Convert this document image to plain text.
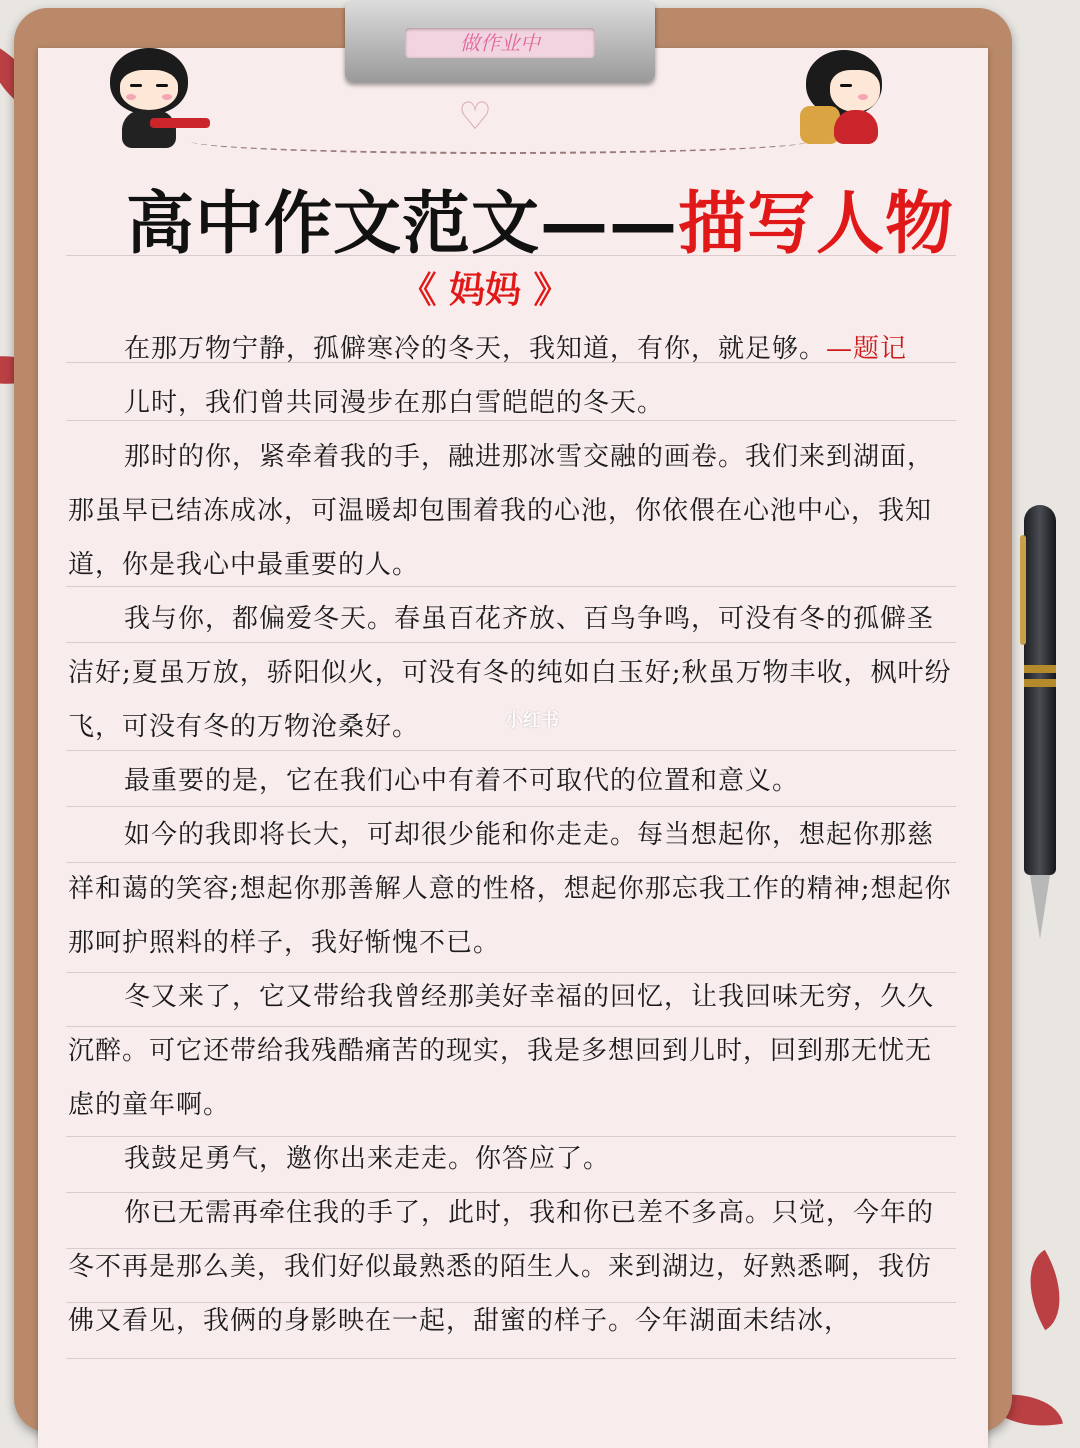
做作业中
♡
高中作文范文——描写人物
《 妈妈 》

在那万物宁静，孤僻寒冷的冬天，我知道，有你，就足够。—题记

儿时，我们曾共同漫步在那白雪皑皑的冬天。

那时的你，紧牵着我的手，融进那冰雪交融的画卷。我们来到湖面，那虽早已结冻成冰，可温暖却包围着我的心池，你依偎在心池中心，我知道，你是我心中最重要的人。

我与你，都偏爱冬天。春虽百花齐放、百鸟争鸣，可没有冬的孤僻圣洁好;夏虽万放，骄阳似火，可没有冬的纯如白玉好;秋虽万物丰收，枫叶纷飞，可没有冬的万物沧桑好。

最重要的是，它在我们心中有着不可取代的位置和意义。

如今的我即将长大，可却很少能和你走走。每当想起你，想起你那慈祥和蔼的笑容;想起你那善解人意的性格，想起你那忘我工作的精神;想起你那呵护照料的样子，我好惭愧不已。

冬又来了，它又带给我曾经那美好幸福的回忆，让我回味无穷，久久沉醉。可它还带给我残酷痛苦的现实，我是多想回到儿时，回到那无忧无虑的童年啊。

我鼓足勇气，邀你出来走走。你答应了。

你已无需再牵住我的手了，此时，我和你已差不多高。只觉，今年的冬不再是那么美，我们好似最熟悉的陌生人。来到湖边，好熟悉啊，我仿佛又看见，我俩的身影映在一起，甜蜜的样子。今年湖面未结冰，

小红书
